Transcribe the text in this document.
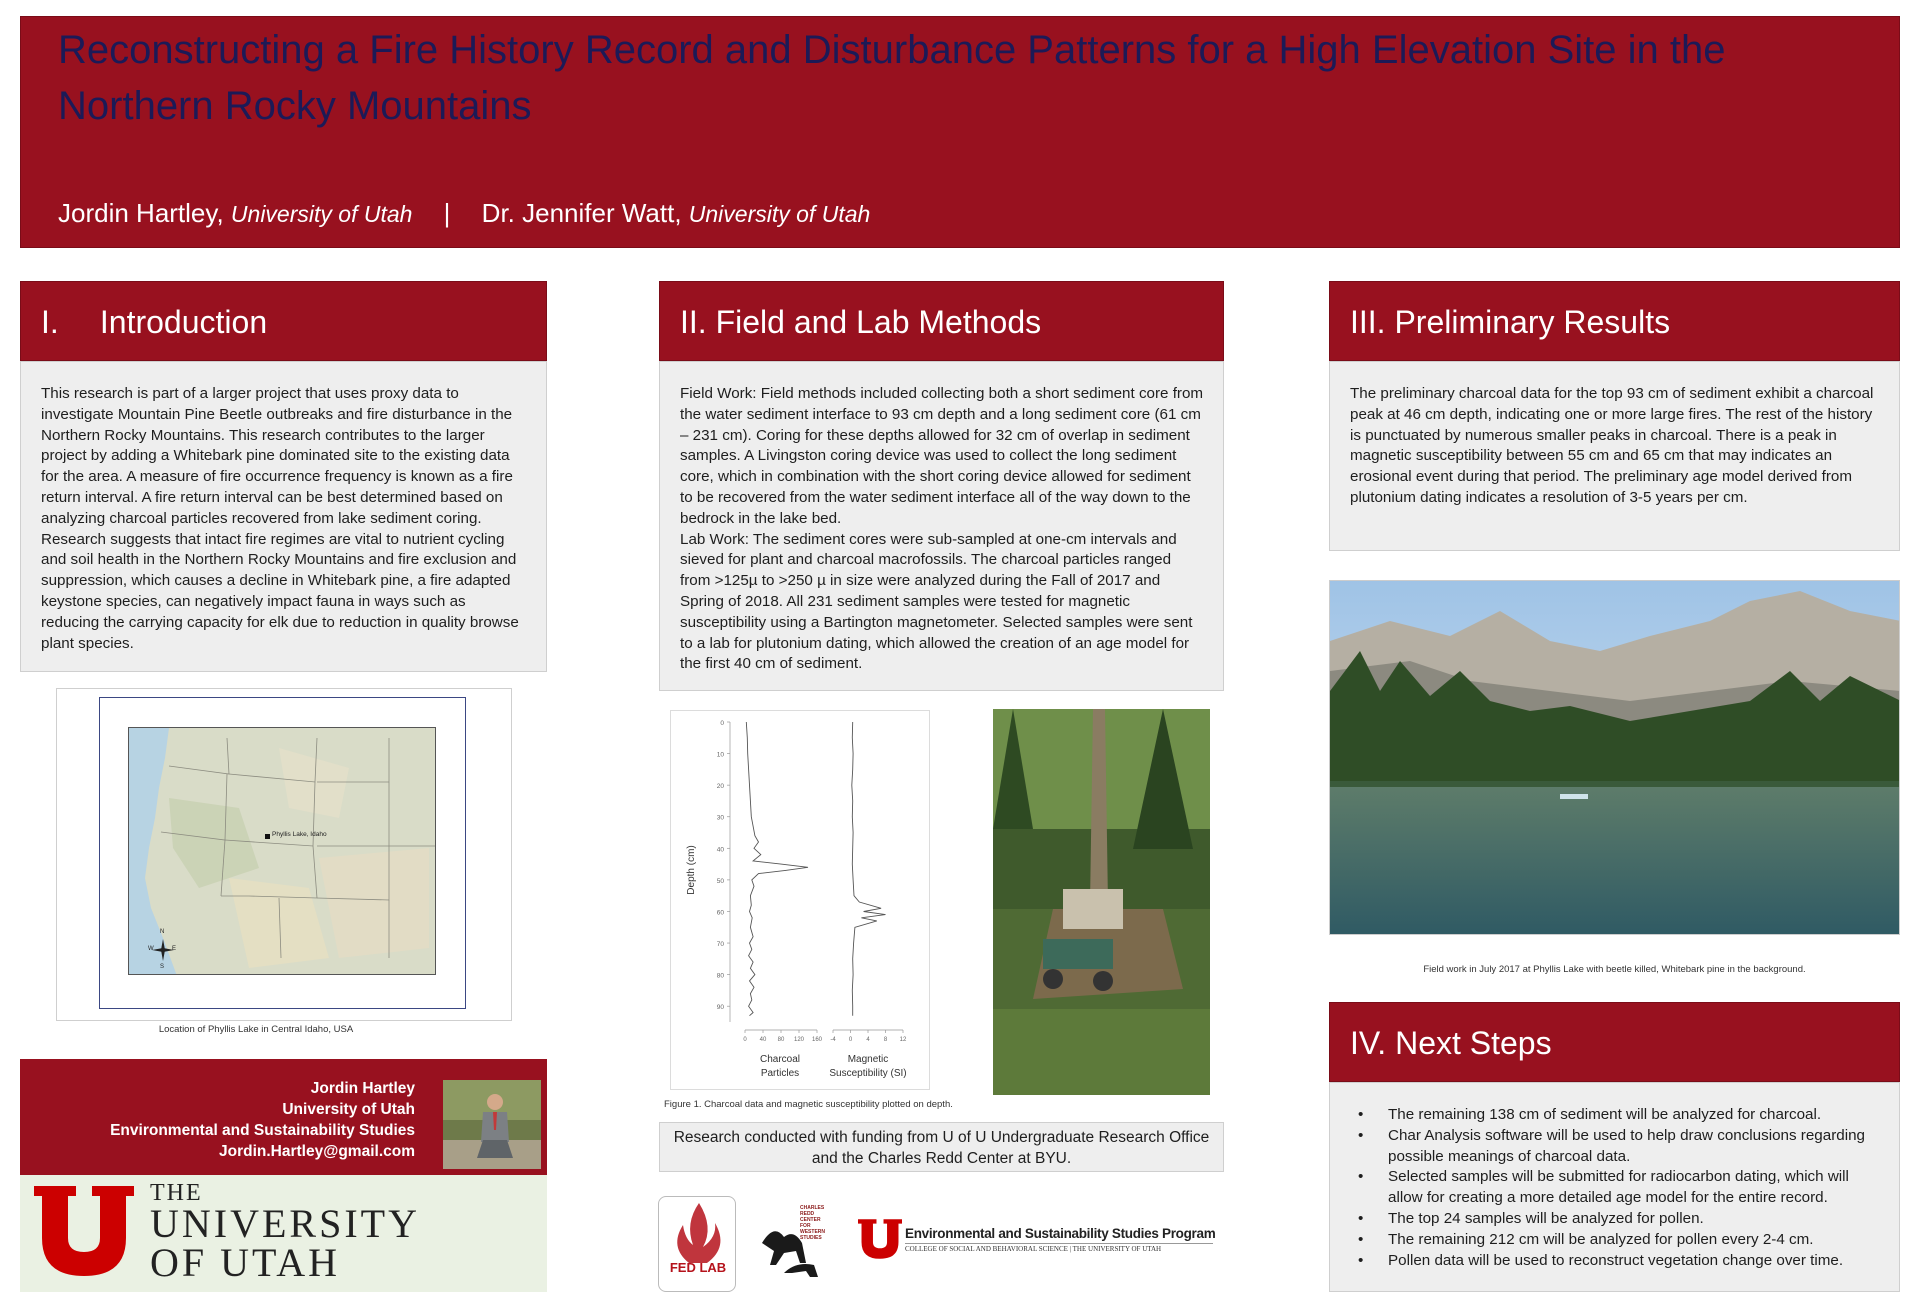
Reconstructing a Fire History Record and Disturbance Patterns for a High Elevation Site in the Northern Rocky Mountains
Jordin Hartley, University of Utah | Dr. Jennifer Watt, University of Utah
I. Introduction
This research is part of a larger project that uses proxy data to investigate Mountain Pine Beetle outbreaks and fire disturbance in the Northern Rocky Mountains. This research contributes to the larger project by adding a Whitebark pine dominated site to the existing data for the area. A measure of fire occurrence frequency is known as a fire return interval. A fire return interval can be best determined based on analyzing charcoal particles recovered from lake sediment coring. Research suggests that intact fire regimes are vital to nutrient cycling and soil health in the Northern Rocky Mountains and fire exclusion and suppression, which causes a decline in Whitebark pine, a fire adapted keystone species, can negatively impact fauna in ways such as reducing the carrying capacity for elk due to reduction in quality browse plant species.
Phyllis Lake, Idaho
N
S
E
W
Location of Phyllis Lake in Central Idaho, USA
Jordin Hartley
University of Utah
Environmental and Sustainability Studies
Jordin.Hartley@gmail.com
THE
UNIVERSITY
OF UTAH
II. Field and Lab Methods
Field Work: Field methods included collecting both a short sediment core from the water sediment interface to 93 cm depth and a long sediment core (61 cm – 231 cm). Coring for these depths allowed for 32 cm of overlap in sediment samples. A Livingston coring device was used to collect the long sediment core, which in combination with the short coring device allowed for sediment to be recovered from the water sediment interface all of the way down to the bedrock in the lake bed.
Lab Work: The sediment cores were sub-sampled at one-cm intervals and sieved for plant and charcoal macrofossils. The charcoal particles ranged from >125µ to >250 µ in size were analyzed during the Fall of 2017 and Spring of 2018. All 231 sediment samples were tested for magnetic susceptibility using a Bartington magnetometer. Selected samples were sent to a lab for plutonium dating, which allowed the creation of an age model for the first 40 cm of sediment.
0
10
20
30
40
50
60
70
80
90
0 40 80 120 160 -4 0 4 8 12
Depth (cm)
Charcoal
Particles
Magnetic
Susceptibility (SI)
Figure 1. Charcoal data and magnetic susceptibility plotted on depth.
Research conducted with funding from U of U Undergraduate Research Office and the Charles Redd Center at BYU.
FED LAB
CHARLES REDD CENTER FOR WESTERN STUDIES	Environmental and Sustainability Studies Program
COLLEGE OF SOCIAL AND BEHAVIORAL SCIENCE | THE UNIVERSITY OF UTAH
III. Preliminary Results
The preliminary charcoal data for the top 93 cm of sediment exhibit a charcoal peak at 46 cm depth, indicating one or more large fires. The rest of the history is punctuated by numerous smaller peaks in charcoal. There is a peak in magnetic susceptibility between 55 cm and 65 cm that may indicates an erosional event during that period. The preliminary age model derived from plutonium dating indicates a resolution of 3-5 years per cm.
Field work in July 2017 at Phyllis Lake with beetle killed, Whitebark pine in the background.
IV. Next Steps
• The remaining 138 cm of sediment will be analyzed for charcoal.
• Char Analysis software will be used to help draw conclusions regarding possible meanings of charcoal data.
• Selected samples will be submitted for radiocarbon dating, which will allow for creating a more detailed age model for the entire record.
• The top 24 samples will be analyzed for pollen.
• The remaining 212 cm will be analyzed for pollen every 2-4 cm.
• Pollen data will be used to reconstruct vegetation change over time.
